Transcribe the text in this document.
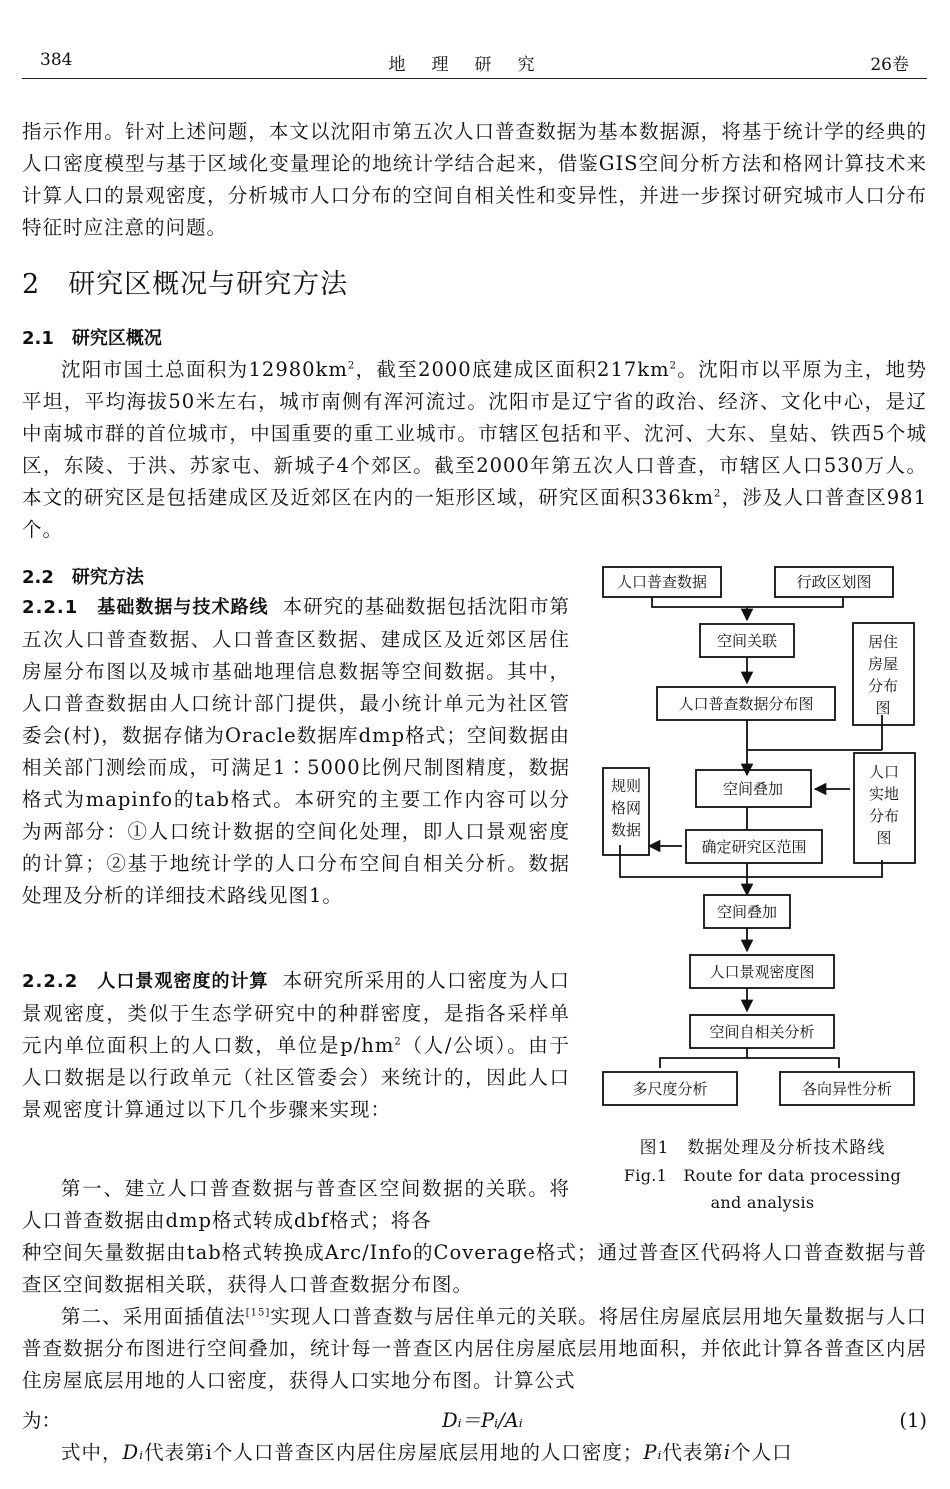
384	地理研究	26卷
指示作用。针对上述问题，本文以沈阳市第五次人口普查数据为基本数据源，将基于统计学的经典的人口密度模型与基于区域化变量理论的地统计学结合起来，借鉴GIS空间分析方法和格网计算技术来计算人口的景观密度，分析城市人口分布的空间自相关性和变异性，并进一步探讨研究城市人口分布特征时应注意的问题。
2　研究区概况与研究方法
2.1　研究区概况
沈阳市国土总面积为$12980km^2$，截至2000底建成区面积$217km^2$。沈阳市以平原为主，地势平坦，平均海拔50米左右，城市南侧有浑河流过。沈阳市是辽宁省的政治、经济、文化中心，是辽中南城市群的首位城市，中国重要的重工业城市。市辖区包括和平、沈河、大东、皇姑、铁西5个城区，东陵、于洪、苏家屯、新城子4个郊区。截至2000年第五次人口普查，市辖区人口530万人。本文的研究区是包括建成区及近郊区在内的一矩形区域，研究区面积$336km^2$，涉及人口普查区981个。
2.2　研究方法
2.2.1　基础数据与技术路线 本研究的基础数据包括沈阳市第五次人口普查数据、人口普查区数据、建成区及近郊区居住房屋分布图以及城市基础地理信息数据等空间数据。其中，人口普查数据由人口统计部门提供，最小统计单元为社区管委会(村)，数据存储为Oracle数据库dmp格式；空间数据由相关部门测绘而成，可满足1∶5000比例尺制图精度，数据格式为mapinfo的tab格式。本研究的主要工作内容可以分为两部分：①人口统计数据的空间化处理，即人口景观密度的计算；②基于地统计学的人口分布空间自相关分析。数据处理及分析的详细技术路线见图1。
2.2.2　人口景观密度的计算 本研究所采用的人口密度为人口景观密度，类似于生态学研究中的种群密度，是指各采样单元内单位面积上的人口数，单位是$p/hm^2$（人/公顷）。由于人口数据是以行政单元（社区管委会）来统计的，因此人口景观密度计算通过以下几个步骤来实现：
第一、建立人口普查数据与普查区空间数据的关联。将人口普查数据由dmp格式转成dbf格式；将各
种空间矢量数据由tab格式转换成Arc/Info的Coverage格式；通过普查区代码将人口普查数据与普查区空间数据相关联，获得人口普查数据分布图。
第二、采用面插值法[15]实现人口普查数与居住单元的关联。将居住房屋底层用地矢量数据与人口普查数据分布图进行空间叠加，统计每一普查区内居住房屋底层用地面积，并依此计算各普查区内居住房屋底层用地的人口密度，获得人口实地分布图。计算公式
为：	Dᵢ＝Pᵢ/Aᵢ	(1)
式中，Dᵢ代表第i个人口普查区内居住房屋底层用地的人口密度；Pᵢ代表第i个人口
人口普查数据	行政区划图
空间关联
人口普查数据分布图
空间叠加
确定研究区范围
空间叠加
人口景观密度图
空间自相关分析
多尺度分析	各向异性分析
居住房屋分布图
人口实地分布图
规则格网数据
图1　数据处理及分析技术路线
Fig.1　Route for data processing
and analysis
